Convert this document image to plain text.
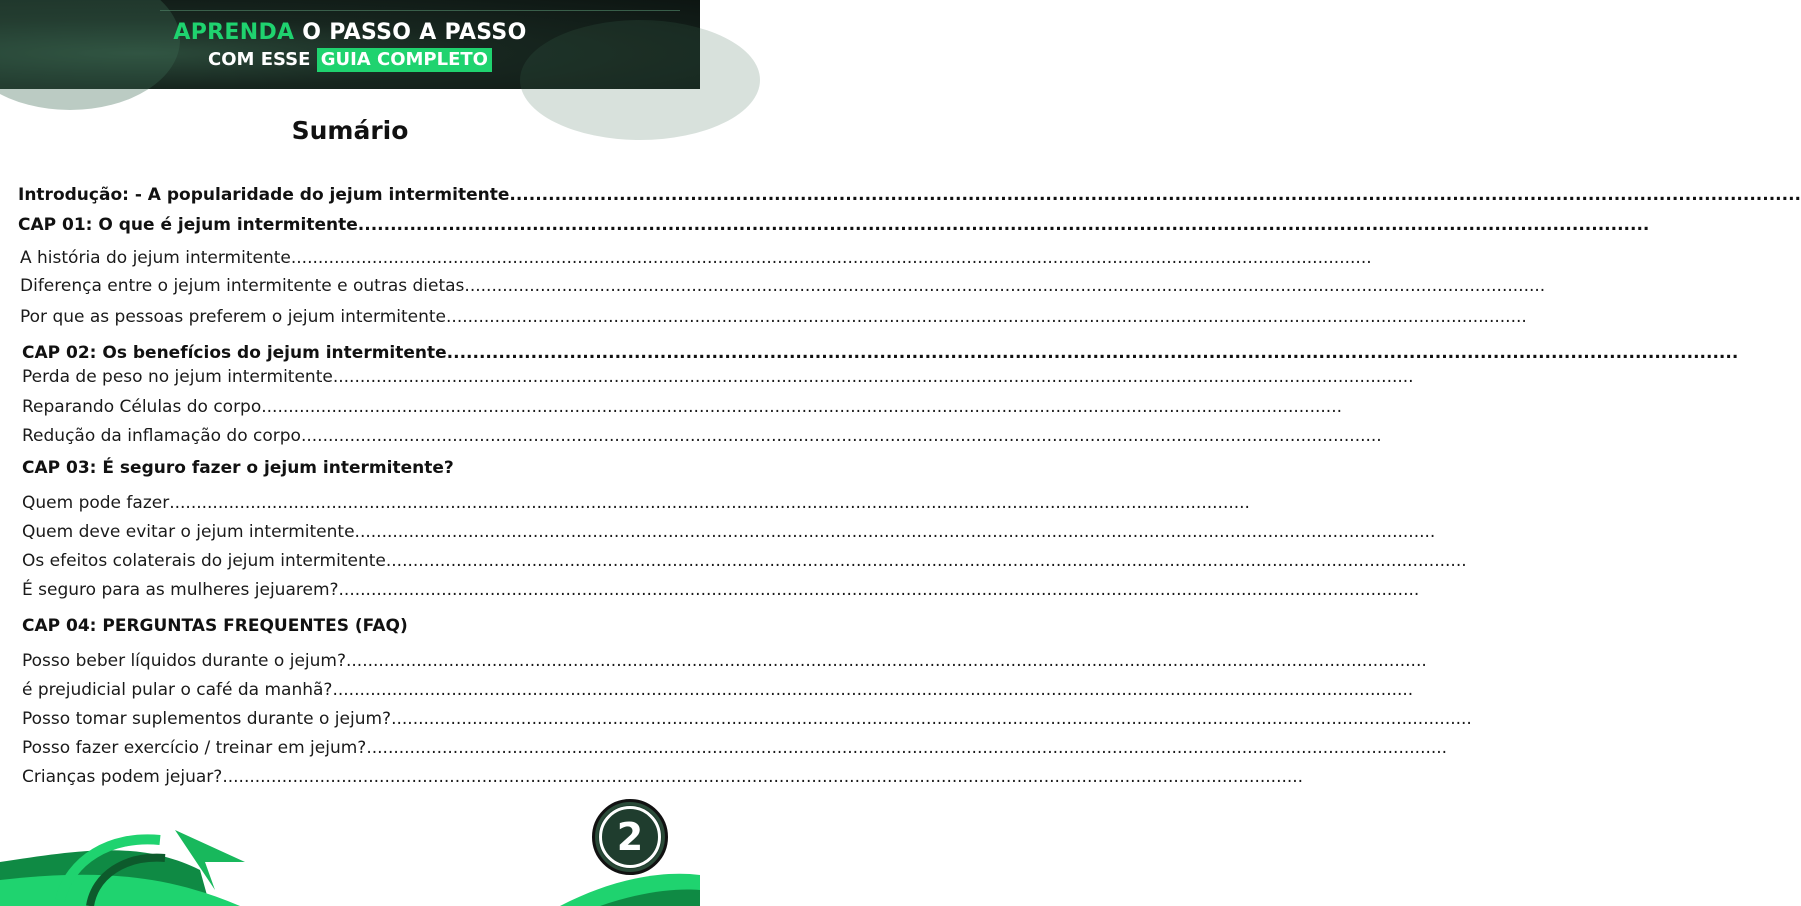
APRENDA O PASSO A PASSO
COM ESSE GUIA COMPLETO
Sumário
Introdução: - A popularidade do jejum intermitente ........................................................................................................................................................................................................
CAP 01: O que é jejum intermitente ........................................................................................................................................................................................................
A história do jejum intermitente ........................................................................................................................................................................................................
Diferença entre o jejum intermitente e outras dietas ........................................................................................................................................................................................................
Por que as pessoas preferem o jejum intermitente ........................................................................................................................................................................................................
CAP 02: Os benefícios do jejum intermitente ........................................................................................................................................................................................................
Perda de peso no jejum intermitente ........................................................................................................................................................................................................
Reparando Células do corpo ........................................................................................................................................................................................................
Redução da inflamação do corpo ........................................................................................................................................................................................................
CAP 03: É seguro fazer o jejum intermitente?
Quem pode fazer ........................................................................................................................................................................................................
Quem deve evitar o jejum intermitente ........................................................................................................................................................................................................
Os efeitos colaterais do jejum intermitente ........................................................................................................................................................................................................
É seguro para as mulheres jejuarem? ........................................................................................................................................................................................................
CAP 04: PERGUNTAS FREQUENTES (FAQ)
Posso beber líquidos durante o jejum? ........................................................................................................................................................................................................
é prejudicial pular o café da manhã? ........................................................................................................................................................................................................
Posso tomar suplementos durante o jejum? ........................................................................................................................................................................................................
Posso fazer exercício / treinar em jejum? ........................................................................................................................................................................................................
Crianças podem jejuar? ........................................................................................................................................................................................................
2
